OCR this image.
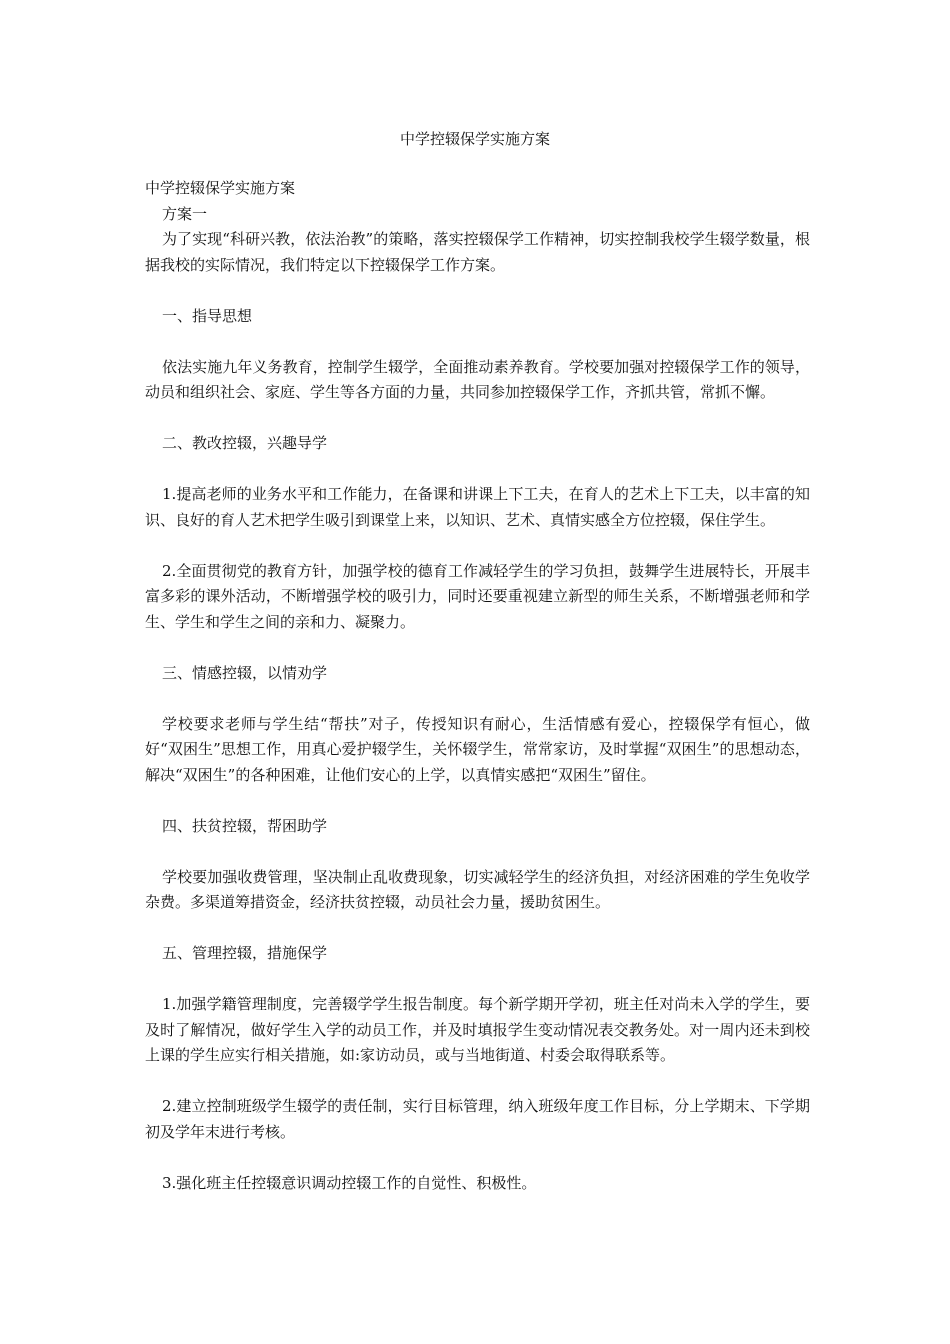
中学控辍保学实施方案

中学控辍保学实施方案

方案一

为了实现“科研兴教，依法治教”的策略，落实控辍保学工作精神，切实控制我校学生辍学数量，根据我校的实际情况，我们特定以下控辍保学工作方案。

一、指导思想

依法实施九年义务教育，控制学生辍学，全面推动素养教育。学校要加强对控辍保学工作的领导，动员和组织社会、家庭、学生等各方面的力量，共同参加控辍保学工作，齐抓共管，常抓不懈。

二、教改控辍，兴趣导学

1.提高老师的业务水平和工作能力，在备课和讲课上下工夫，在育人的艺术上下工夫，以丰富的知识、良好的育人艺术把学生吸引到课堂上来，以知识、艺术、真情实感全方位控辍，保住学生。

2.全面贯彻党的教育方针，加强学校的德育工作减轻学生的学习负担，鼓舞学生进展特长，开展丰富多彩的课外活动，不断增强学校的吸引力，同时还要重视建立新型的师生关系，不断增强老师和学生、学生和学生之间的亲和力、凝聚力。

三、情感控辍，以情劝学

学校要求老师与学生结“帮扶”对子，传授知识有耐心，生活情感有爱心，控辍保学有恒心，做好“双困生”思想工作，用真心爱护辍学生，关怀辍学生，常常家访，及时掌握“双困生”的思想动态，解决“双困生”的各种困难，让他们安心的上学，以真情实感把“双困生”留住。

四、扶贫控辍，帮困助学

学校要加强收费管理，坚决制止乱收费现象，切实减轻学生的经济负担，对经济困难的学生免收学杂费。多渠道筹措资金，经济扶贫控辍，动员社会力量，援助贫困生。

五、管理控辍，措施保学

1.加强学籍管理制度，完善辍学学生报告制度。每个新学期开学初，班主任对尚未入学的学生，要及时了解情况，做好学生入学的动员工作，并及时填报学生变动情况表交教务处。对一周内还未到校上课的学生应实行相关措施，如:家访动员，或与当地街道、村委会取得联系等。

2.建立控制班级学生辍学的责任制，实行目标管理，纳入班级年度工作目标，分上学期末、下学期初及学年末进行考核。

3.强化班主任控辍意识调动控辍工作的自觉性、积极性。
